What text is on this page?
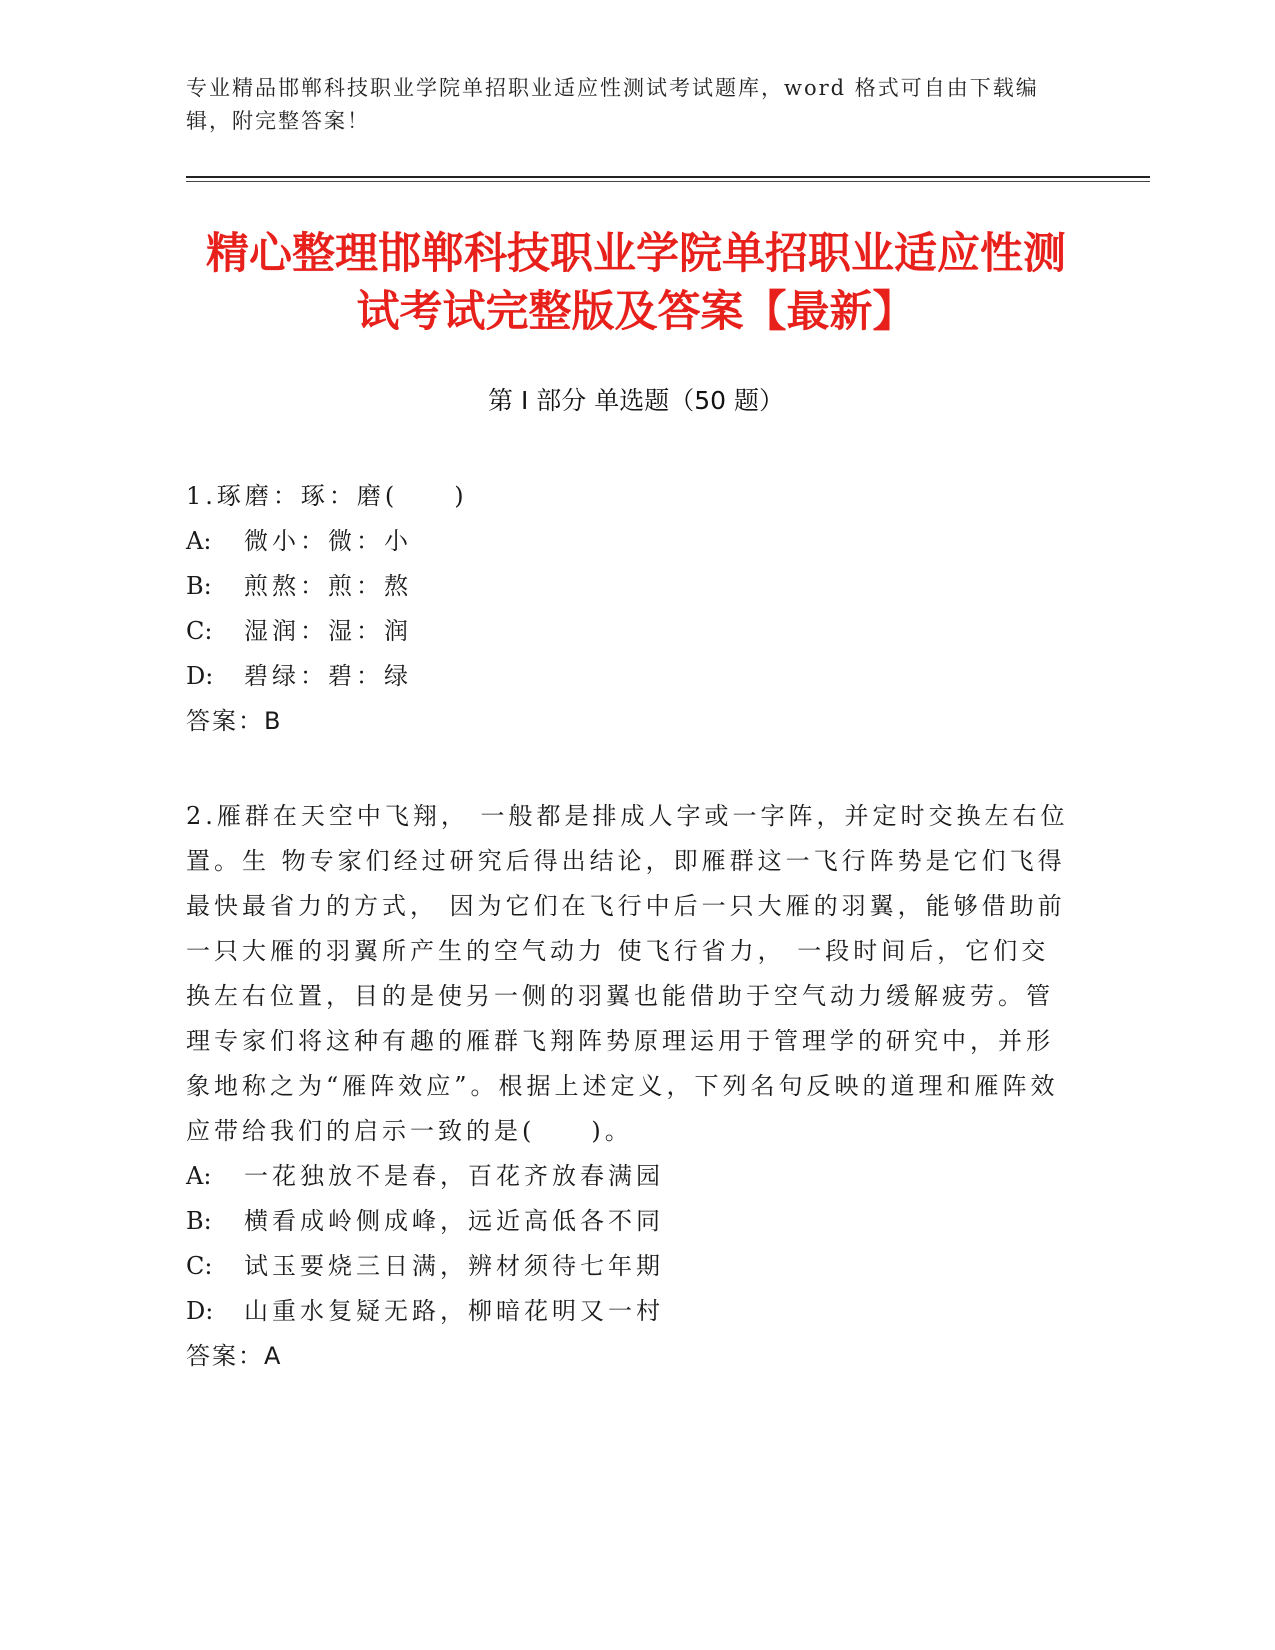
专业精品邯郸科技职业学院单招职业适应性测试考试题库，word 格式可自由下载编辑，附完整答案！
精心整理邯郸科技职业学院单招职业适应性测试考试完整版及答案【最新】
第 I 部分 单选题（50 题）

1.琢磨：琢：磨(　　)

A:	微小：微：小
B:	煎熬：煎：熬
C:	湿润：湿：润
D:	碧绿：碧：绿
答案：B

2.雁群在天空中飞翔， 一般都是排成人字或一字阵，并定时交换左右位置。生 物专家们经过研究后得出结论，即雁群这一飞行阵势是它们飞得最快最省力的方式， 因为它们在飞行中后一只大雁的羽翼，能够借助前一只大雁的羽翼所产生的空气动力 使飞行省力， 一段时间后，它们交换左右位置，目的是使另一侧的羽翼也能借助于空气动力缓解疲劳。管理专家们将这种有趣的雁群飞翔阵势原理运用于管理学的研究中，并形象地称之为“雁阵效应”。根据上述定义，下列名句反映的道理和雁阵效应带给我们的启示一致的是(　　)。

A:	一花独放不是春，百花齐放春满园
B:	横看成岭侧成峰，远近高低各不同
C:	试玉要烧三日满，辨材须待七年期
D:	山重水复疑无路，柳暗花明又一村
答案：A
